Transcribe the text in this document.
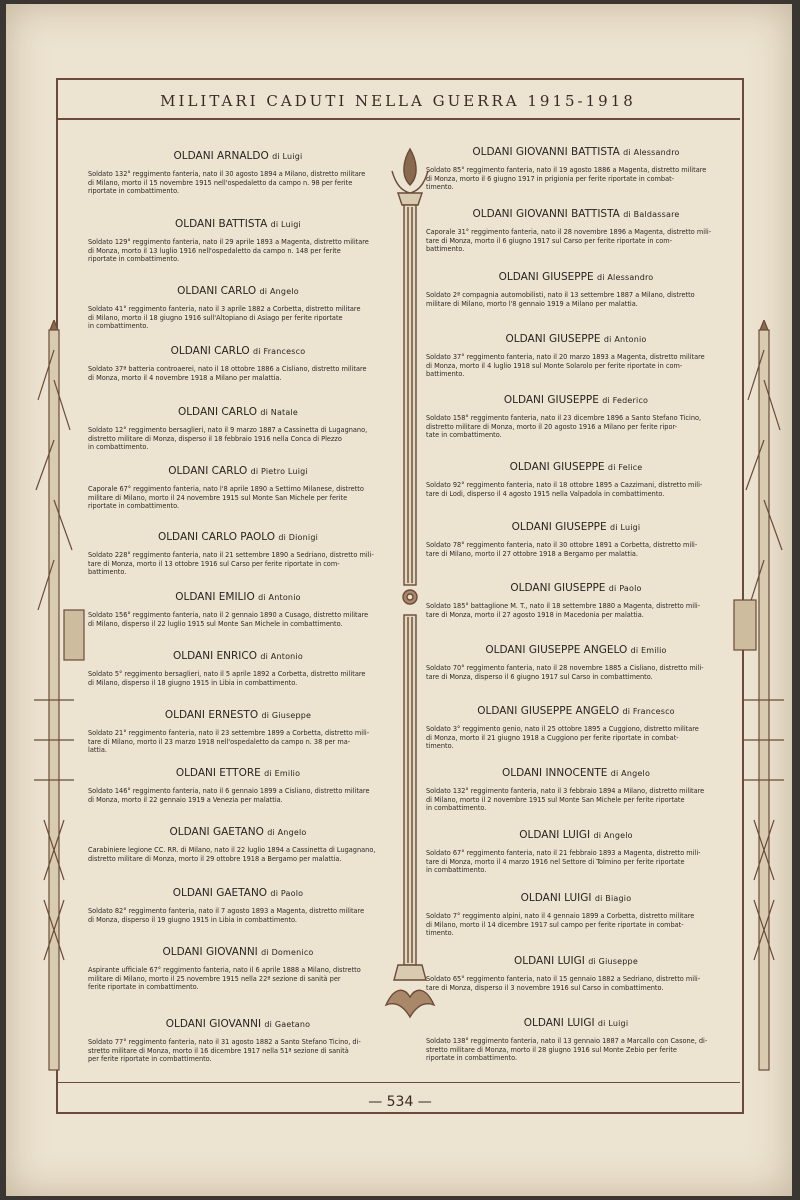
MILITARI CADUTI NELLA GUERRA 1915-1918
OLDANI ARNALDO di Luigi
Soldato 132° reggimento fanteria, nato il 30 agosto 1894 a Milano, distretto militare
di Milano, morto il 15 novembre 1915 nell'ospedaletto da campo n. 98 per ferite
riportate in combattimento.
OLDANI BATTISTA di Luigi
Soldato 129° reggimento fanteria, nato il 29 aprile 1893 a Magenta, distretto militare
di Monza, morto il 13 luglio 1916 nell'ospedaletto da campo n. 148 per ferite
riportate in combattimento.
OLDANI CARLO di Angelo
Soldato 41° reggimento fanteria, nato il 3 aprile 1882 a Corbetta, distretto militare
di Milano, morto il 18 giugno 1916 sull'Altopiano di Asiago per ferite riportate
in combattimento.
OLDANI CARLO di Francesco
Soldato 37ª batteria controaerei, nato il 18 ottobre 1886 a Cisliano, distretto militare
di Monza, morto il 4 novembre 1918 a Milano per malattia.
OLDANI CARLO di Natale
Soldato 12° reggimento bersaglieri, nato il 9 marzo 1887 a Cassinetta di Lugagnano,
distretto militare di Monza, disperso il 18 febbraio 1916 nella Conca di Plezzo
in combattimento.
OLDANI CARLO di Pietro Luigi
Caporale 67° reggimento fanteria, nato l'8 aprile 1890 a Settimo Milanese, distretto
militare di Milano, morto il 24 novembre 1915 sul Monte San Michele per ferite
riportate in combattimento.
OLDANI CARLO PAOLO di Dionigi
Soldato 228° reggimento fanteria, nato il 21 settembre 1890 a Sedriano, distretto mili-
tare di Monza, morto il 13 ottobre 1916 sul Carso per ferite riportate in com-
battimento.
OLDANI EMILIO di Antonio
Soldato 156° reggimento fanteria, nato il 2 gennaio 1890 a Cusago, distretto militare
di Milano, disperso il 22 luglio 1915 sul Monte San Michele in combattimento.
OLDANI ENRICO di Antonio
Soldato 5° reggimento bersaglieri, nato il 5 aprile 1892 a Corbetta, distretto militare
di Milano, disperso il 18 giugno 1915 in Libia in combattimento.
OLDANI ERNESTO di Giuseppe
Soldato 21° reggimento fanteria, nato il 23 settembre 1899 a Corbetta, distretto mili-
tare di Milano, morto il 23 marzo 1918 nell'ospedaletto da campo n. 38 per ma-
lattia.
OLDANI ETTORE di Emilio
Soldato 146° reggimento fanteria, nato il 6 gennaio 1899 a Cisliano, distretto militare
di Monza, morto il 22 gennaio 1919 a Venezia per malattia.
OLDANI GAETANO di Angelo
Carabiniere legione CC. RR. di Milano, nato il 22 luglio 1894 a Cassinetta di Lugagnano,
distretto militare di Monza, morto il 29 ottobre 1918 a Bergamo per malattia.
OLDANI GAETANO di Paolo
Soldato 82° reggimento fanteria, nato il 7 agosto 1893 a Magenta, distretto militare
di Monza, disperso il 19 giugno 1915 in Libia in combattimento.
OLDANI GIOVANNI di Domenico
Aspirante ufficiale 67° reggimento fanteria, nato il 6 aprile 1888 a Milano, distretto
militare di Milano, morto il 25 novembre 1915 nella 22ª sezione di sanità per
ferite riportate in combattimento.
OLDANI GIOVANNI di Gaetano
Soldato 77° reggimento fanteria, nato il 31 agosto 1882 a Santo Stefano Ticino, di-
stretto militare di Monza, morto il 16 dicembre 1917 nella 51ª sezione di sanità
per ferite riportate in combattimento.
OLDANI GIOVANNI BATTISTA di Alessandro
Soldato 85° reggimento fanteria, nato il 19 agosto 1886 a Magenta, distretto militare
di Monza, morto il 6 giugno 1917 in prigionia per ferite riportate in combat-
timento.
OLDANI GIOVANNI BATTISTA di Baldassare
Caporale 31° reggimento fanteria, nato il 28 novembre 1896 a Magenta, distretto mili-
tare di Monza, morto il 6 giugno 1917 sul Carso per ferite riportate in com-
battimento.
OLDANI GIUSEPPE di Alessandro
Soldato 2ª compagnia automobilisti, nato il 13 settembre 1887 a Milano, distretto
militare di Milano, morto l'8 gennaio 1919 a Milano per malattia.
OLDANI GIUSEPPE di Antonio
Soldato 37° reggimento fanteria, nato il 20 marzo 1893 a Magenta, distretto militare
di Monza, morto il 4 luglio 1918 sul Monte Solarolo per ferite riportate in com-
battimento.
OLDANI GIUSEPPE di Federico
Soldato 158° reggimento fanteria, nato il 23 dicembre 1896 a Santo Stefano Ticino,
distretto militare di Monza, morto il 20 agosto 1916 a Milano per ferite ripor-
tate in combattimento.
OLDANI GIUSEPPE di Felice
Soldato 92° reggimento fanteria, nato il 18 ottobre 1895 a Cazzimani, distretto mili-
tare di Lodi, disperso il 4 agosto 1915 nella Valpadola in combattimento.
OLDANI GIUSEPPE di Luigi
Soldato 78° reggimento fanteria, nato il 30 ottobre 1891 a Corbetta, distretto mili-
tare di Milano, morto il 27 ottobre 1918 a Bergamo per malattia.
OLDANI GIUSEPPE di Paolo
Soldato 185° battaglione M. T., nato il 18 settembre 1880 a Magenta, distretto mili-
tare di Monza, morto il 27 agosto 1918 in Macedonia per malattia.
OLDANI GIUSEPPE ANGELO di Emilio
Soldato 70° reggimento fanteria, nato il 28 novembre 1885 a Cisliano, distretto mili-
tare di Monza, disperso il 6 giugno 1917 sul Carso in combattimento.
OLDANI GIUSEPPE ANGELO di Francesco
Soldato 3° reggimento genio, nato il 25 ottobre 1895 a Cuggiono, distretto militare
di Monza, morto il 21 giugno 1918 a Cuggiono per ferite riportate in combat-
timento.
OLDANI INNOCENTE di Angelo
Soldato 132° reggimento fanteria, nato il 3 febbraio 1894 a Milano, distretto militare
di Milano, morto il 2 novembre 1915 sul Monte San Michele per ferite riportate
in combattimento.
OLDANI LUIGI di Angelo
Soldato 67° reggimento fanteria, nato il 21 febbraio 1893 a Magenta, distretto mili-
tare di Monza, morto il 4 marzo 1916 nel Settore di Tolmino per ferite riportate
in combattimento.
OLDANI LUIGI di Biagio
Soldato 7° reggimento alpini, nato il 4 gennaio 1899 a Corbetta, distretto militare
di Milano, morto il 14 dicembre 1917 sul campo per ferite riportate in combat-
timento.
OLDANI LUIGI di Giuseppe
Soldato 65° reggimento fanteria, nato il 15 gennaio 1882 a Sedriano, distretto mili-
tare di Monza, disperso il 3 novembre 1916 sul Carso in combattimento.
OLDANI LUIGI di Luigi
Soldato 138° reggimento fanteria, nato il 13 gennaio 1887 a Marcallo con Casone, di-
stretto militare di Monza, morto il 28 giugno 1916 sul Monte Zebio per ferite
riportate in combattimento.
— 534 —
